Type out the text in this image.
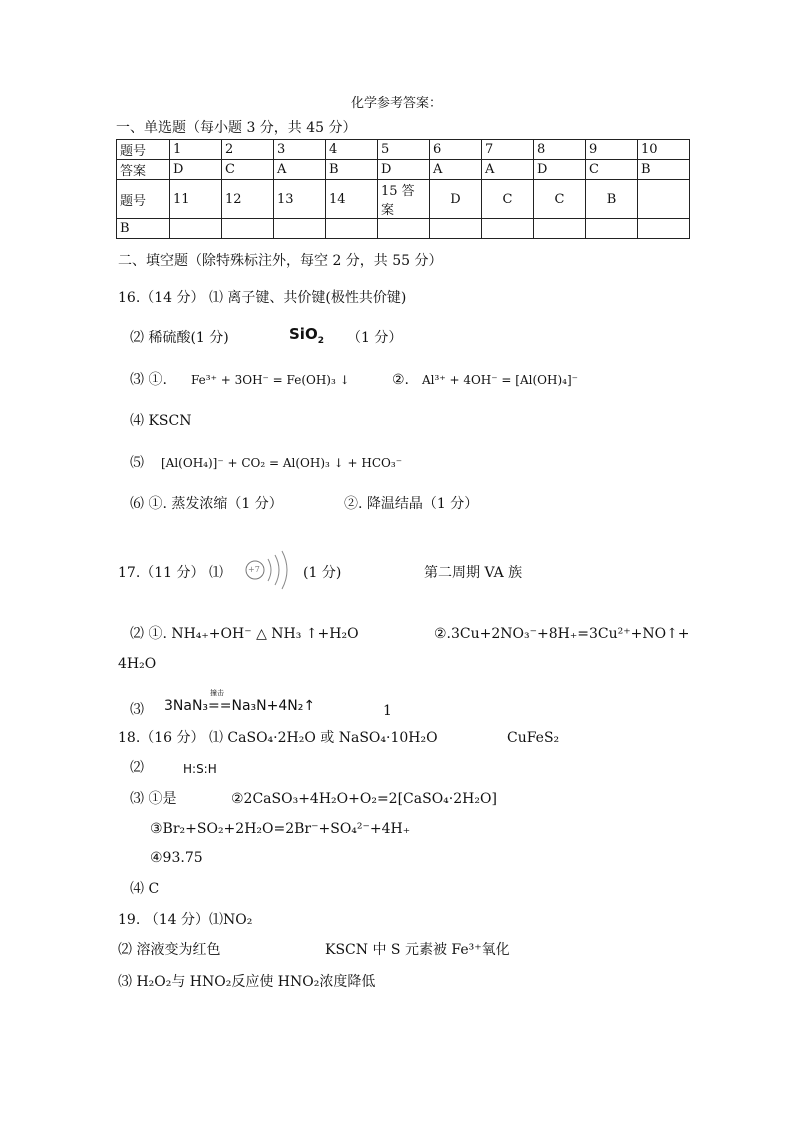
化学参考答案：
一、单选题（每小题 3 分，共 45 分）
题号	1	2	3	4	5	6	7	8	9	10
答案	D	C	A	B	D	A	A	D	C	B
题号	11	12	13	14	15 答案	D	C	C	B	
B										
二、填空题（除特殊标注外，每空 2 分，共 55 分）
16.（14 分） ⑴ 离子键、共价键(极性共价键)
⑵ 稀硫酸(1 分)	SiO$_2$ （1 分）
⑶ ①. Fe³⁺ + 3OH⁻ = Fe(OH)₃ ↓	②. Al³⁺ + 4OH⁻ = [Al(OH)₄]⁻
⑷ KSCN
⑸ [Al(OH₄)]⁻ + CO₂ = Al(OH)₃ ↓ + HCO₃⁻
⑹ ①. 蒸发浓缩（1 分）	②. 降温结晶（1 分）
17.（11 分） ⑴	+7	(1 分)	第二周期 VA 族
⑵ ①. NH₄₊+OH⁻ △ NH₃ ↑+H₂O	②.3Cu+2NO₃⁻+8H₊=3Cu²⁺+NO↑+
4H₂O
⑶
撞击
3NaN₃==Na₃N+4N₂↑	1
18.（16 分） ⑴ CaSO₄·2H₂O 或 NaSO₄·10H₂O	CuFeS₂
⑵	H:S:H
⑶ ①是	②2CaSO₃+4H₂O+O₂=2[CaSO₄·2H₂O]
③Br₂+SO₂+2H₂O=2Br⁻+SO₄²⁻+4H₊
④93.75
⑷ C
19. （14 分）⑴NO₂
⑵ 溶液变为红色	KSCN 中 S 元素被 Fe³⁺氧化
⑶ H₂O₂与 HNO₂反应使 HNO₂浓度降低
